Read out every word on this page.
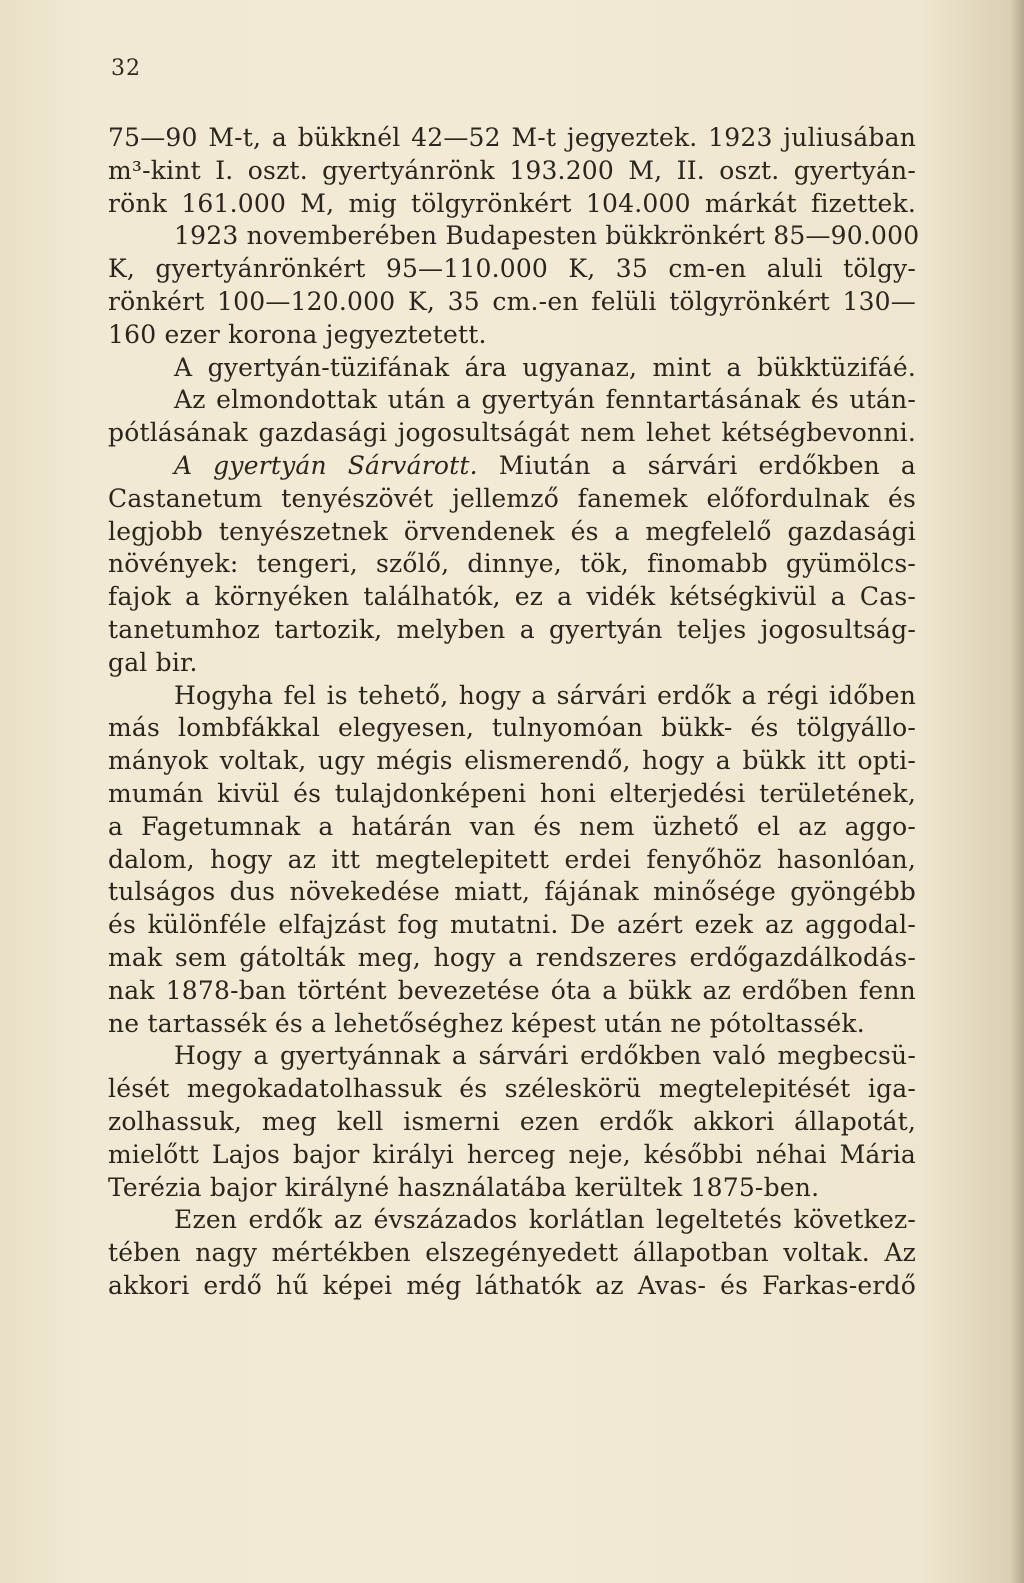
32
75—90 M-t, a bükknél 42—52 M-t jegyeztek. 1923 juliusában
m³-kint I. oszt. gyertyánrönk 193.200 M, II. oszt. gyertyán-
rönk 161.000 M, mig tölgyrönkért 104.000 márkát fizettek.
1923 novemberében Budapesten bükkrönkért 85—90.000
K, gyertyánrönkért 95—110.000 K, 35 cm-en aluli tölgy-
rönkért 100—120.000 K, 35 cm.-en felüli tölgyrönkért 130—
160 ezer korona jegyeztetett.
A gyertyán-tüzifának ára ugyanaz, mint a bükktüzifáé.
Az elmondottak után a gyertyán fenntartásának és után-
pótlásának gazdasági jogosultságát nem lehet kétségbevonni.
A gyertyán Sárvárott. Miután a sárvári erdőkben a
Castanetum tenyészövét jellemző fanemek előfordulnak és
legjobb tenyészetnek örvendenek és a megfelelő gazdasági
növények: tengeri, szőlő, dinnye, tök, finomabb gyümölcs-
fajok a környéken találhatók, ez a vidék kétségkivül a Cas-
tanetumhoz tartozik, melyben a gyertyán teljes jogosultság-
gal bir.
Hogyha fel is tehető, hogy a sárvári erdők a régi időben
más lombfákkal elegyesen, tulnyomóan bükk- és tölgyállo-
mányok voltak, ugy mégis elismerendő, hogy a bükk itt opti-
mumán kivül és tulajdonképeni honi elterjedési területének,
a Fagetumnak a határán van és nem üzhető el az aggo-
dalom, hogy az itt megtelepitett erdei fenyőhöz hasonlóan,
tulságos dus növekedése miatt, fájának minősége gyöngébb
és különféle elfajzást fog mutatni. De azért ezek az aggodal-
mak sem gátolták meg, hogy a rendszeres erdőgazdálkodás-
nak 1878-ban történt bevezetése óta a bükk az erdőben fenn
ne tartassék és a lehetőséghez képest után ne pótoltassék.
Hogy a gyertyánnak a sárvári erdőkben való megbecsü-
lését megokadatolhassuk és széleskörü megtelepitését iga-
zolhassuk, meg kell ismerni ezen erdők akkori állapotát,
mielőtt Lajos bajor királyi herceg neje, későbbi néhai Mária
Terézia bajor királyné használatába kerültek 1875-ben.
Ezen erdők az évszázados korlátlan legeltetés következ-
tében nagy mértékben elszegényedett állapotban voltak. Az
akkori erdő hű képei még láthatók az Avas- és Farkas-erdő
